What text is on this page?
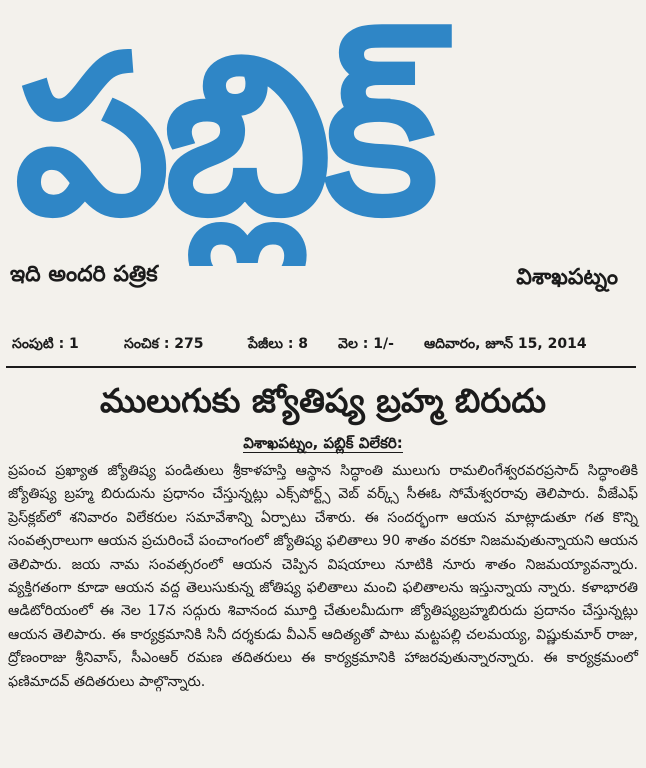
పబ్లిక్
ఇది అందరి పత్రిక	విశాఖపట్నం
సంపుటి : 1	సంచిక : 275	పేజీలు : 8 వెల : 1/- ఆదివారం, జూన్ 15, 2014
ములుగుకు జ్యోతిష్య బ్రహ్మ బిరుదు
విశాఖపట్నం, పబ్లిక్ విలేకరి:

ప్రపంచ ప్రఖ్యాత జ్యోతిష్య పండితులు శ్రీకాళహస్తి ఆస్థాన సిద్ధాంతి ములుగు రామలింగేశ్వరవరప్రసాద్ సిద్ధాంతికి జ్యోతిష్య బ్రహ్మ బిరుదును ప్రధానం చేస్తున్నట్లు ఎక్స్‌పోర్ట్స్ వెబ్ వర్క్స్ సీఈఓ సోమేశ్వరరావు తెలిపారు. వీజేఎఫ్ ప్రెస్‌క్లబ్‌లో శనివారం విలేకరుల సమావేశాన్ని ఏర్పాటు చేశారు. ఈ సందర్భంగా ఆయన మాట్లాడుతూ గత కొన్ని సంవత్సరాలుగా ఆయన ప్రచురించే పంచాంగంలో జ్యోతిష్య ఫలితాలు 90 శాతం వరకూ నిజమవుతున్నాయని ఆయన తెలిపారు. జయ నామ సంవత్సరంలో ఆయన చెప్పిన విషయాలు నూటికి నూరు శాతం నిజమయ్యావన్నారు. వ్యక్తిగతంగా కూడా ఆయన వద్ద తెలుసుకున్న జోతిష్య ఫలితాలు మంచి ఫలితాలను ఇస్తున్నాయ న్నారు. కళాభారతి ఆడిటోరియంలో ఈ నెల 17న సద్గురు శివానంద మూర్తి చేతులమీదుగా జ్యోతిష్యబ్రహ్మబిరుదు ప్రదానం చేస్తున్నట్లు ఆయన తెలిపారు. ఈ కార్యక్రమానికి సినీ దర్శకుడు వీఎన్ ఆదిత్యతో పాటు మట్టపల్లి చలమయ్య, విష్ణుకుమార్ రాజు, ద్రోణంరాజు శ్రీనివాస్, సీఎంఆర్ రమణ తదితరులు ఈ కార్యక్రమానికి హాజరవుతున్నారన్నారు. ఈ కార్యక్రమంలో ఫణిమాదవ్ తదితరులు పాల్గొన్నారు.
